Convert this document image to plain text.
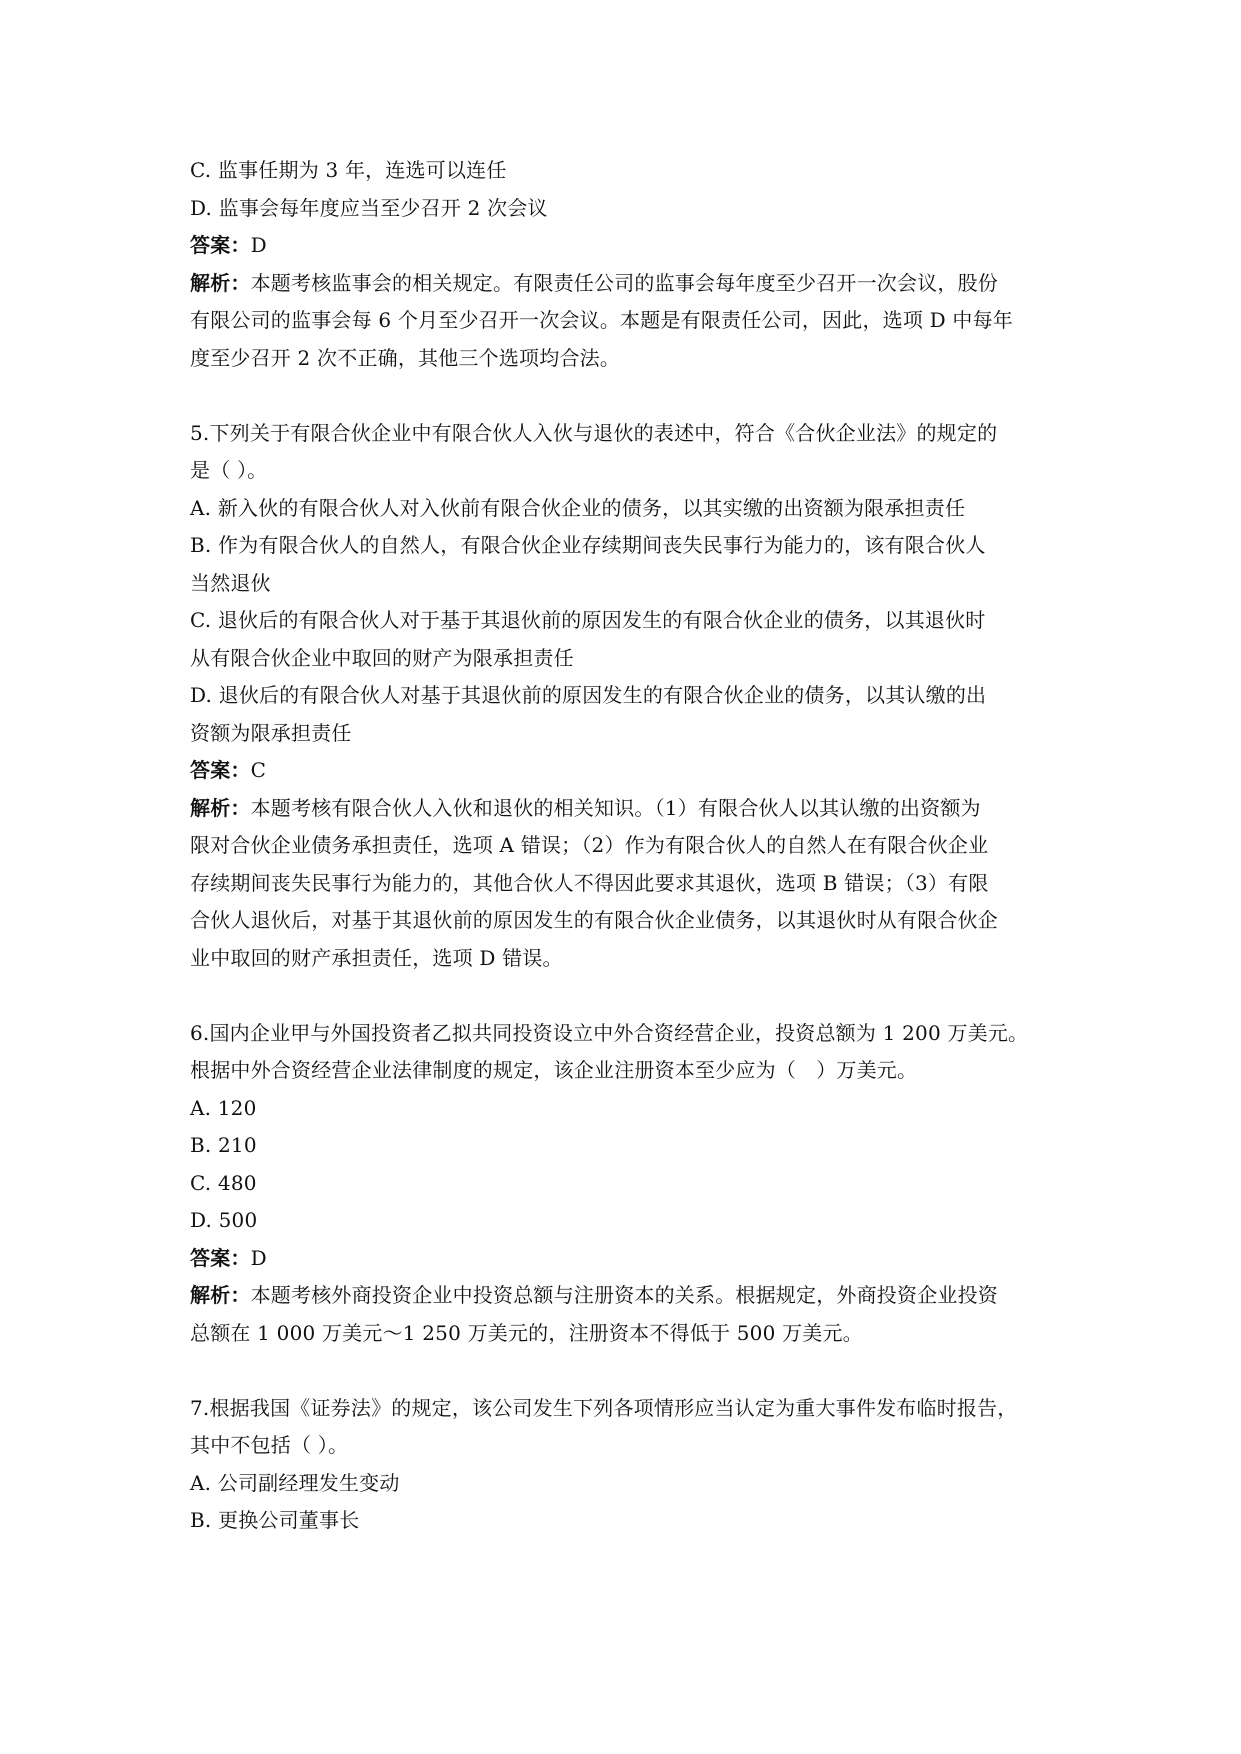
C. 监事任期为 3 年，连选可以连任
D. 监事会每年度应当至少召开 2 次会议
答案：D
解析：本题考核监事会的相关规定。有限责任公司的监事会每年度至少召开一次会议，股份
有限公司的监事会每 6 个月至少召开一次会议。本题是有限责任公司，因此，选项 D 中每年
度至少召开 2 次不正确，其他三个选项均合法。
5.下列关于有限合伙企业中有限合伙人入伙与退伙的表述中，符合《合伙企业法》的规定的
是（ ）。
A. 新入伙的有限合伙人对入伙前有限合伙企业的债务，以其实缴的出资额为限承担责任
B. 作为有限合伙人的自然人，有限合伙企业存续期间丧失民事行为能力的，该有限合伙人
当然退伙
C. 退伙后的有限合伙人对于基于其退伙前的原因发生的有限合伙企业的债务，以其退伙时
从有限合伙企业中取回的财产为限承担责任
D. 退伙后的有限合伙人对基于其退伙前的原因发生的有限合伙企业的债务，以其认缴的出
资额为限承担责任
答案：C
解析：本题考核有限合伙人入伙和退伙的相关知识。（1）有限合伙人以其认缴的出资额为
限对合伙企业债务承担责任，选项 A 错误；（2）作为有限合伙人的自然人在有限合伙企业
存续期间丧失民事行为能力的，其他合伙人不得因此要求其退伙，选项 B 错误；（3）有限
合伙人退伙后，对基于其退伙前的原因发生的有限合伙企业债务，以其退伙时从有限合伙企
业中取回的财产承担责任，选项 D 错误。
6.国内企业甲与外国投资者乙拟共同投资设立中外合资经营企业，投资总额为 1 200 万美元。
根据中外合资经营企业法律制度的规定，该企业注册资本至少应为（　）万美元。
A. 120
B. 210
C. 480
D. 500
答案：D
解析：本题考核外商投资企业中投资总额与注册资本的关系。根据规定，外商投资企业投资
总额在 1 000 万美元～1 250 万美元的，注册资本不得低于 500 万美元。
7.根据我国《证券法》的规定，该公司发生下列各项情形应当认定为重大事件发布临时报告，
其中不包括（ ）。
A. 公司副经理发生变动
B. 更换公司董事长
